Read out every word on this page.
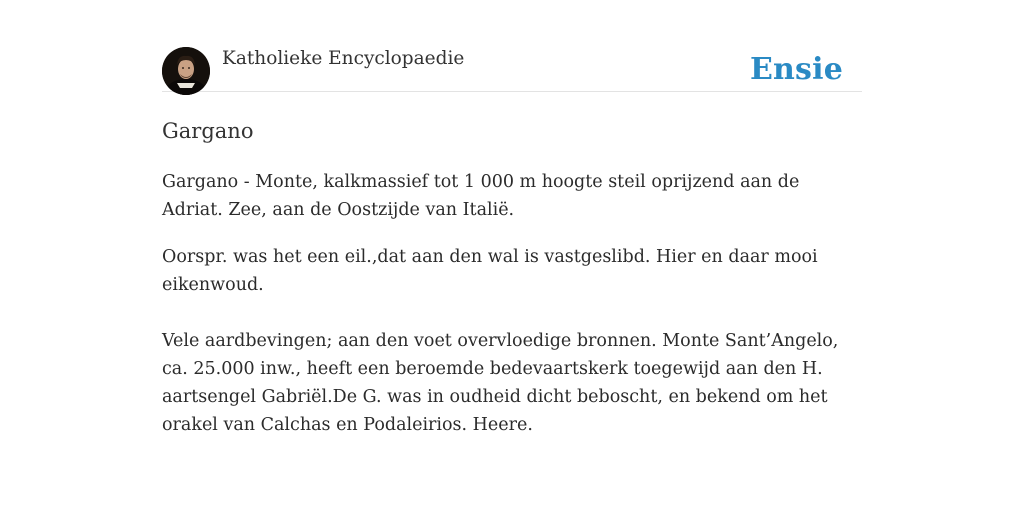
Katholieke Encyclopaedie	Ensie
Gargano

Gargano - Monte, kalkmassief tot 1 000 m hoogte steil oprijzend aan de Adriat. Zee, aan de Oostzijde van Italië.

Oorspr. was het een eil.,dat aan den wal is vastgeslibd. Hier en daar mooi eikenwoud.

Vele aardbevingen; aan den voet overvloedige bronnen. Monte Sant’Angelo, ca. 25.000 inw., heeft een beroemde bedevaartskerk toegewijd aan den H. aartsengel Gabriël.De G. was in oudheid dicht beboscht, en bekend om het orakel van Calchas en Podaleirios. Heere.
